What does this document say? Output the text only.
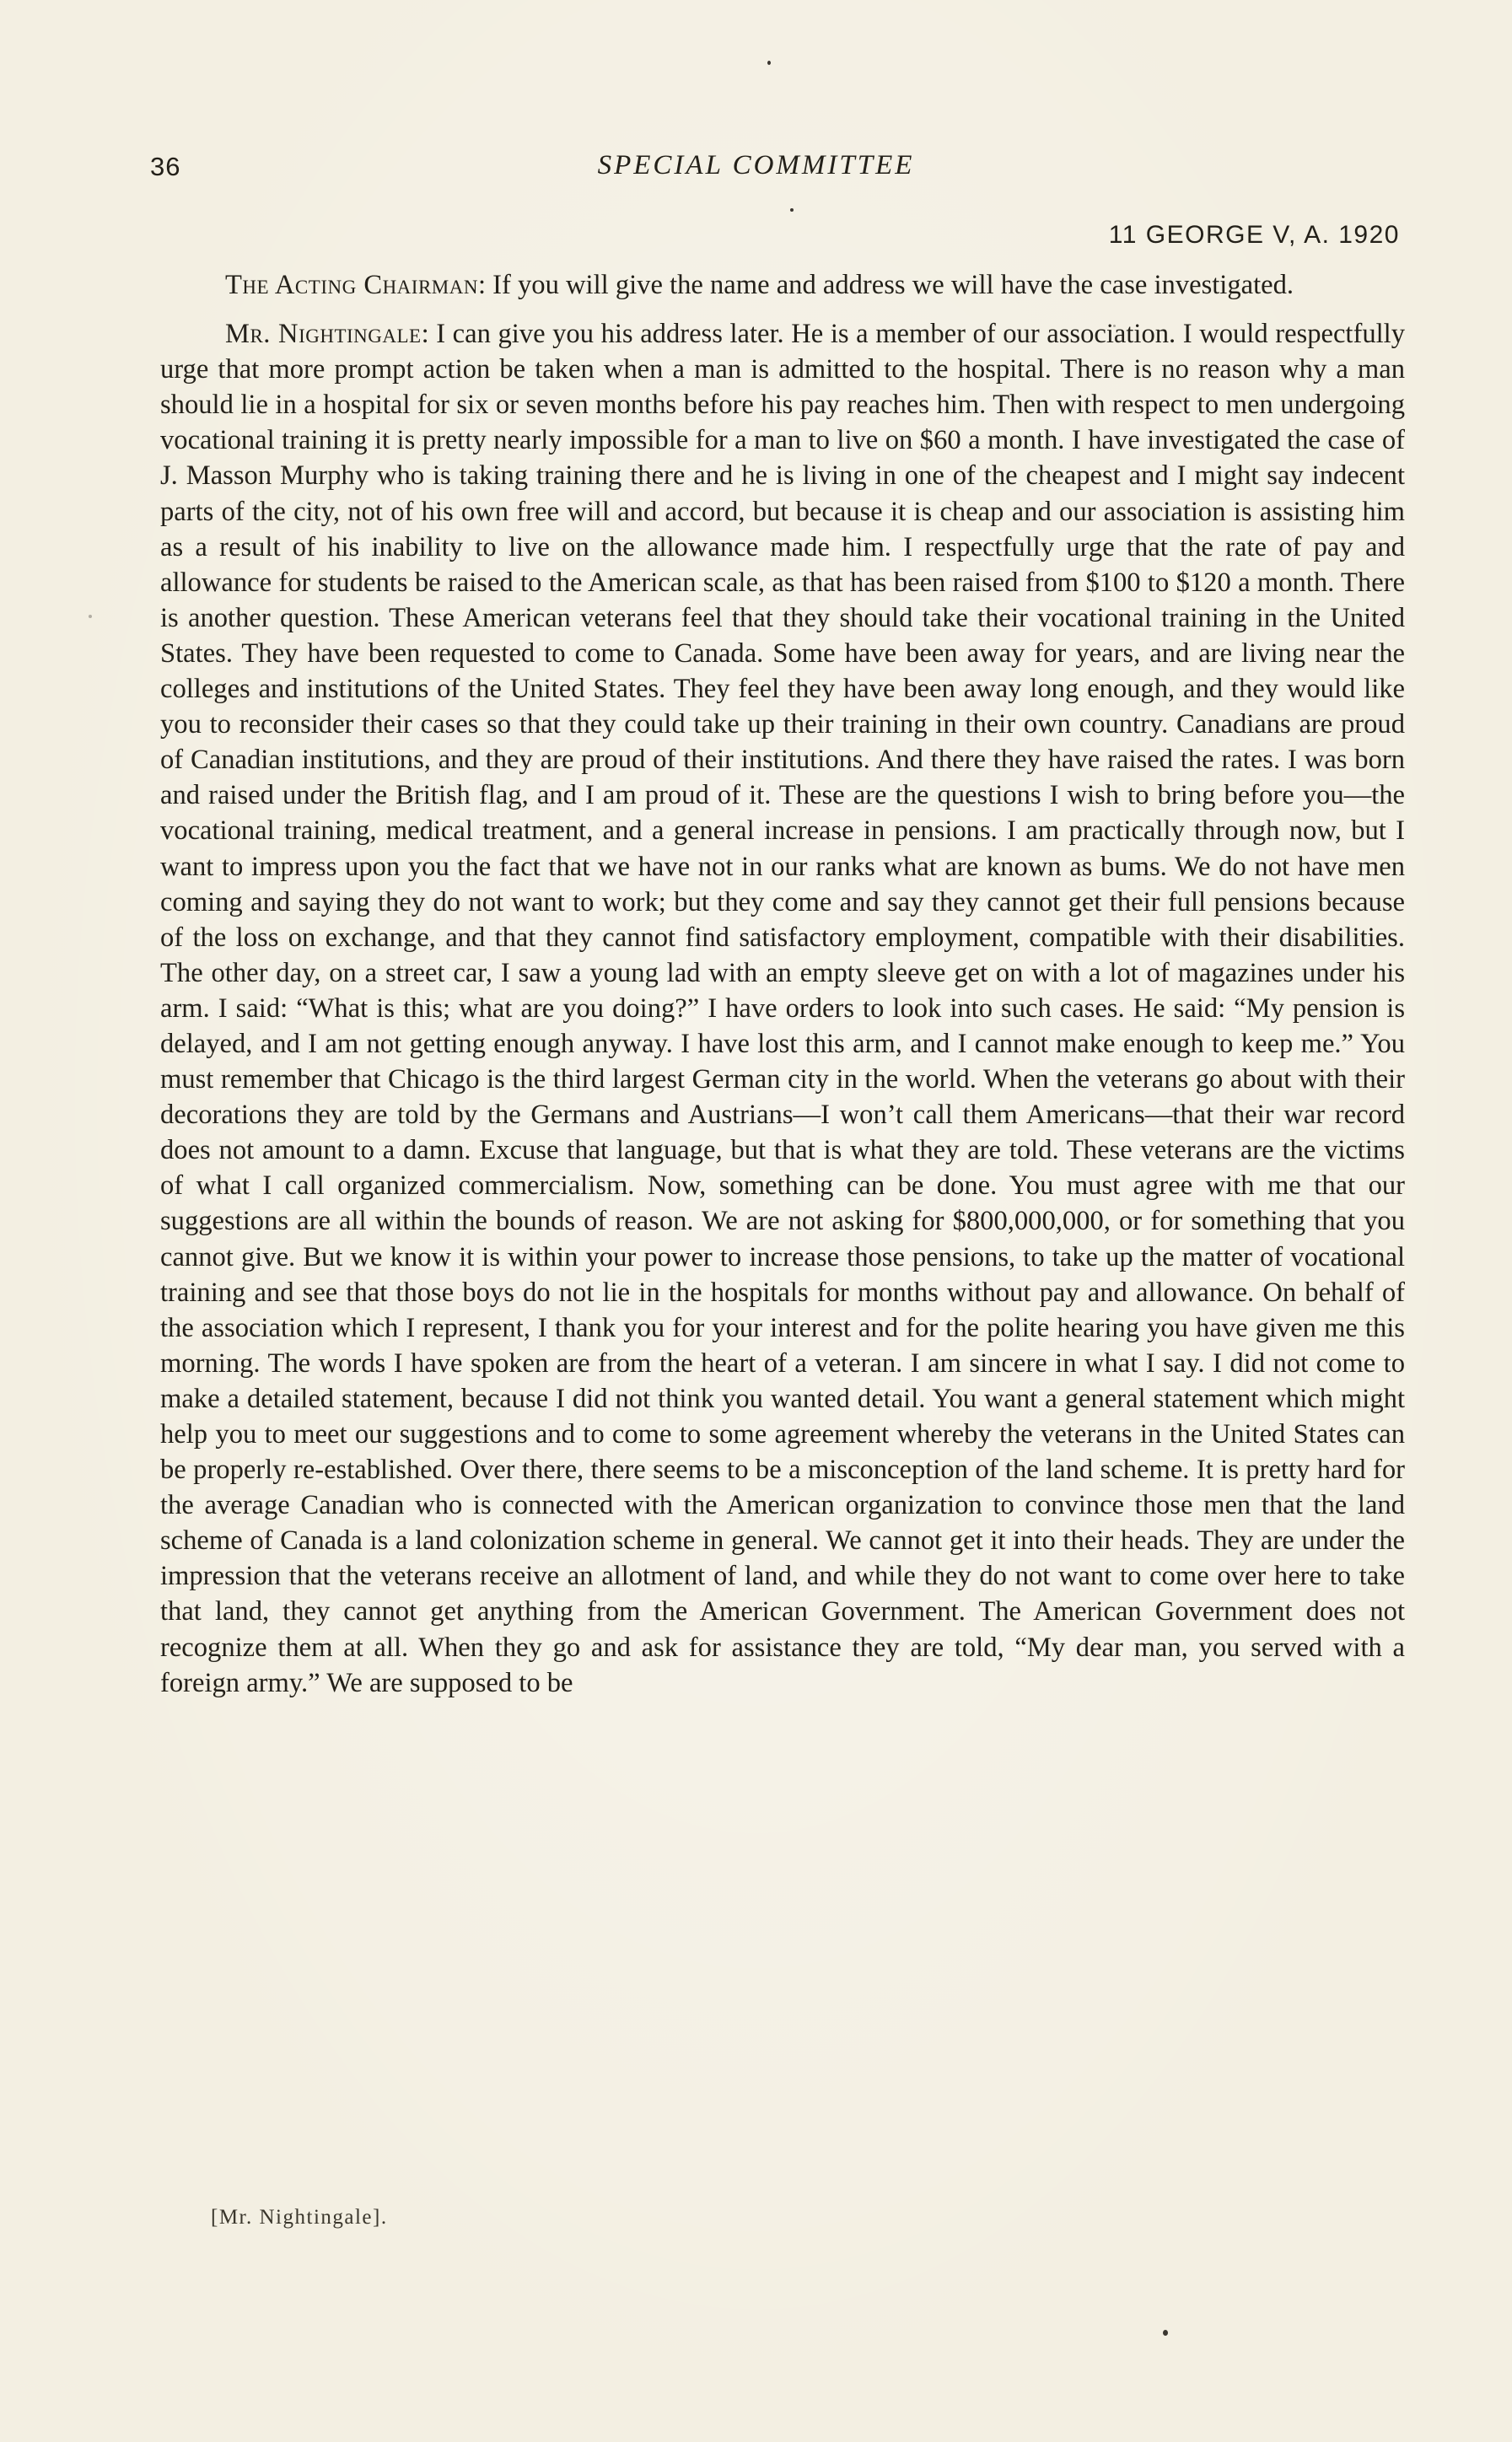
36	SPECIAL COMMITTEE
11 GEORGE V, A. 1920

The Acting Chairman: If you will give the name and address we will have the case investigated.

Mr. Nightingale: I can give you his address later. He is a member of our association. I would respectfully urge that more prompt action be taken when a man is admitted to the hospital. There is no reason why a man should lie in a hospital for six or seven months before his pay reaches him. Then with respect to men undergoing vocational training it is pretty nearly impossible for a man to live on $60 a month. I have investigated the case of J. Masson Murphy who is taking training there and he is living in one of the cheapest and I might say indecent parts of the city, not of his own free will and accord, but because it is cheap and our association is assisting him as a result of his inability to live on the allowance made him. I respectfully urge that the rate of pay and allowance for students be raised to the American scale, as that has been raised from $100 to $120 a month. There is another question. These American veterans feel that they should take their vocational training in the United States. They have been requested to come to Canada. Some have been away for years, and are living near the colleges and institutions of the United States. They feel they have been away long enough, and they would like you to reconsider their cases so that they could take up their training in their own country. Canadians are proud of Canadian institutions, and they are proud of their institutions. And there they have raised the rates. I was born and raised under the British flag, and I am proud of it. These are the questions I wish to bring before you—the vocational training, medical treatment, and a general increase in pensions. I am practically through now, but I want to impress upon you the fact that we have not in our ranks what are known as bums. We do not have men coming and saying they do not want to work; but they come and say they cannot get their full pensions because of the loss on exchange, and that they cannot find satisfactory employment, compatible with their disabilities. The other day, on a street car, I saw a young lad with an empty sleeve get on with a lot of magazines under his arm. I said: “What is this; what are you doing?” I have orders to look into such cases. He said: “My pension is delayed, and I am not getting enough anyway. I have lost this arm, and I cannot make enough to keep me.” You must remember that Chicago is the third largest German city in the world. When the veterans go about with their decorations they are told by the Germans and Austrians—I won’t call them Americans—that their war record does not amount to a damn. Excuse that language, but that is what they are told. These veterans are the victims of what I call organized commercialism. Now, something can be done. You must agree with me that our suggestions are all within the bounds of reason. We are not asking for $800,000,000, or for something that you cannot give. But we know it is within your power to increase those pensions, to take up the matter of vocational training and see that those boys do not lie in the hospitals for months without pay and allowance. On behalf of the association which I represent, I thank you for your interest and for the polite hearing you have given me this morning. The words I have spoken are from the heart of a veteran. I am sincere in what I say. I did not come to make a detailed statement, because I did not think you wanted detail. You want a general statement which might help you to meet our suggestions and to come to some agreement whereby the veterans in the United States can be properly re-established. Over there, there seems to be a misconception of the land scheme. It is pretty hard for the average Canadian who is connected with the American organization to convince those men that the land scheme of Canada is a land colonization scheme in general. We cannot get it into their heads. They are under the impression that the veterans receive an allotment of land, and while they do not want to come over here to take that land, they cannot get anything from the American Government. The American Government does not recognize them at all. When they go and ask for assistance they are told, “My dear man, you served with a foreign army.” We are supposed to be

[Mr. Nightingale].
